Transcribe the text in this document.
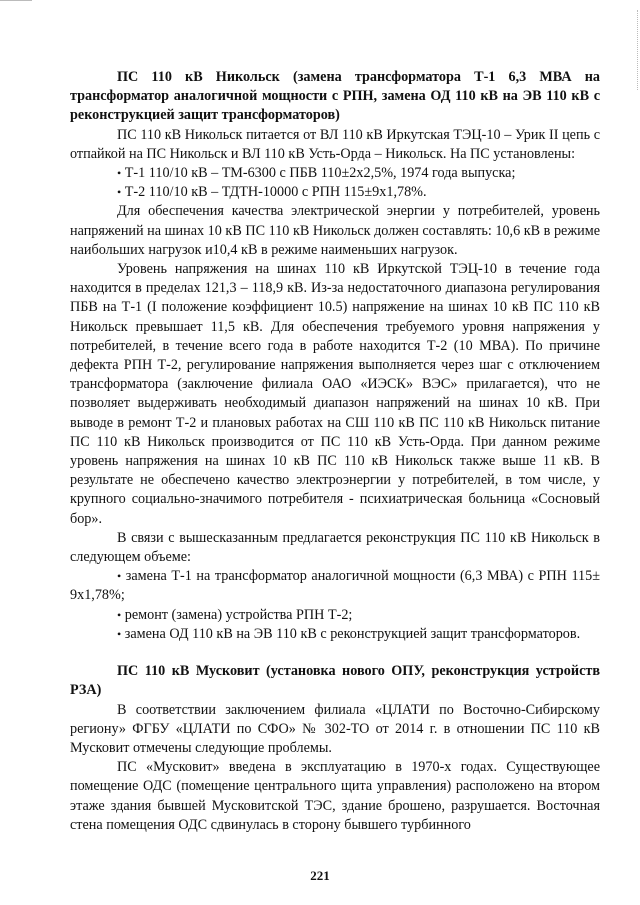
ПС 110 кВ Никольск (замена трансформатора Т-1 6,3 МВА на трансформатор аналогичной мощности с РПН, замена ОД 110 кВ на ЭВ 110 кВ с реконструкцией защит трансформаторов)

ПС 110 кВ Никольск питается от ВЛ 110 кВ Иркутская ТЭЦ-10 – Урик II цепь с отпайкой на ПС Никольск и ВЛ 110 кВ Усть-Орда – Никольск. На ПС установлены:

• Т-1 110/10 кВ – ТМ-6300 с ПБВ 110±2х2,5%, 1974 года выпуска;

• Т-2 110/10 кВ – ТДТН-10000 с РПН 115±9х1,78%.

Для обеспечения качества электрической энергии у потребителей, уровень напряжений на шинах 10 кВ ПС 110 кВ Никольск должен составлять: 10,6 кВ в режиме наибольших нагрузок и10,4 кВ в режиме наименьших нагрузок.

Уровень напряжения на шинах 110 кВ Иркутской ТЭЦ-10 в течение года находится в пределах 121,3 – 118,9 кВ. Из-за недостаточного диапазона регулирования ПБВ на Т-1 (I положение коэффициент 10.5) напряжение на шинах 10 кВ ПС 110 кВ Никольск превышает 11,5 кВ. Для обеспечения требуемого уровня напряжения у потребителей, в течение всего года в работе находится Т-2 (10 МВА). По причине дефекта РПН Т-2, регулирование напряжения выполняется через шаг с отключением трансформатора (заключение филиала ОАО «ИЭСК» ВЭС» прилагается), что не позволяет выдерживать необходимый диапазон напряжений на шинах 10 кВ. При выводе в ремонт Т-2 и плановых работах на СШ 110 кВ ПС 110 кВ Никольск питание ПС 110 кВ Никольск производится от ПС 110 кВ Усть-Орда. При данном режиме уровень напряжения на шинах 10 кВ ПС 110 кВ Никольск также выше 11 кВ. В результате не обеспечено качество электроэнергии у потребителей, в том числе, у крупного социально-значимого потребителя - психиатрическая больница «Сосновый бор».

В связи с вышесказанным предлагается реконструкция ПС 110 кВ Никольск в следующем объеме:

• замена Т-1 на трансформатор аналогичной мощности (6,3 МВА) с РПН 115± 9х1,78%;

• ремонт (замена) устройства РПН Т-2;

• замена ОД 110 кВ на ЭВ 110 кВ с реконструкцией защит трансформаторов.

ПС 110 кВ Мусковит (установка нового ОПУ, реконструкция устройств РЗА)

В соответствии заключением филиала «ЦЛАТИ по Восточно-Сибирскому региону» ФГБУ «ЦЛАТИ по СФО» № 302-ТО от 2014 г. в отношении ПС 110 кВ Мусковит отмечены следующие проблемы.

ПС «Мусковит» введена в эксплуатацию в 1970-х годах. Существующее помещение ОДС (помещение центрального щита управления) расположено на втором этаже здания бывшей Мусковитской ТЭС, здание брошено, разрушается. Восточная стена помещения ОДС сдвинулась в сторону бывшего турбинного

221
